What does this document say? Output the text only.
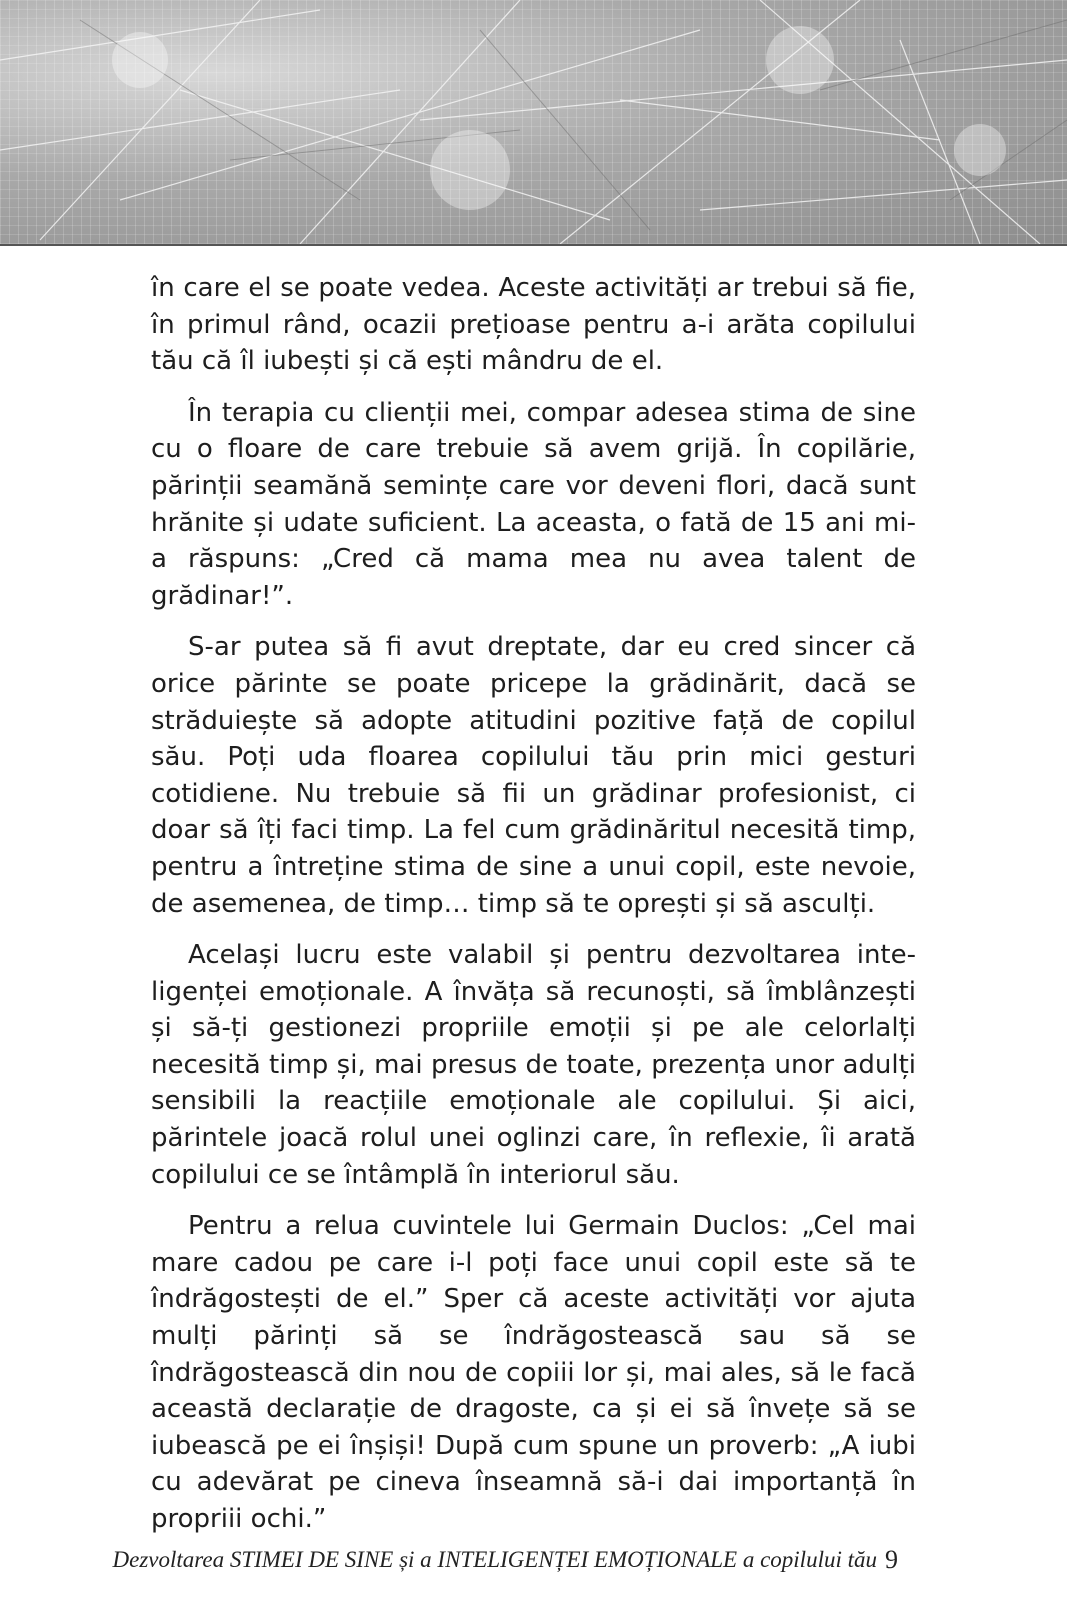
în care el se poate vedea. Aceste activități ar trebui să fie, în primul rând, ocazii prețioase pentru a-i arăta copilului tău că îl iubești și că ești mândru de el.

În terapia cu clienții mei, compar adesea stima de sine cu o floare de care trebuie să avem grijă. În copilărie, părinții seamănă semințe care vor deveni flori, dacă sunt hrănite și udate suficient. La aceasta, o fată de 15 ani mi-a răspuns: „Cred că mama mea nu avea talent de grădinar!”.

S-ar putea să fi avut dreptate, dar eu cred sincer că orice părinte se poate pricepe la grădinărit, dacă se străduiește să adopte atitudini pozitive față de copilul său. Poți uda floarea copilului tău prin mici gesturi cotidiene. Nu trebuie să fii un grădinar profesionist, ci doar să îți faci timp. La fel cum grădinăritul necesită timp, pentru a întreține stima de sine a unui copil, este nevoie, de asemenea, de timp… timp să te oprești și să asculți.

Același lucru este valabil și pentru dezvoltarea inte-ligenței emoționale. A învăța să recunoști, să îmblânzești și să-ți gestionezi propriile emoții și pe ale celorlalți necesită timp și, mai presus de toate, prezența unor adulți sensibili la reacțiile emoționale ale copilului. Și aici, părintele joacă rolul unei oglinzi care, în reflexie, îi arată copilului ce se întâmplă în interiorul său.

Pentru a relua cuvintele lui Germain Duclos: „Cel mai mare cadou pe care i-l poți face unui copil este să te îndrăgostești de el.” Sper că aceste activități vor ajuta mulți părinți să se îndrăgostească sau să se îndrăgostească din nou de copiii lor și, mai ales, să le facă această declarație de dragoste, ca și ei să învețe să se iubească pe ei înșiși! După cum spune un proverb: „A iubi cu adevărat pe cineva înseamnă să-i dai importanță în propriii ochi.”

Dezvoltarea STIMEI DE SINE și a INTELIGENȚEI EMOȚIONALE a copilului tău 9
